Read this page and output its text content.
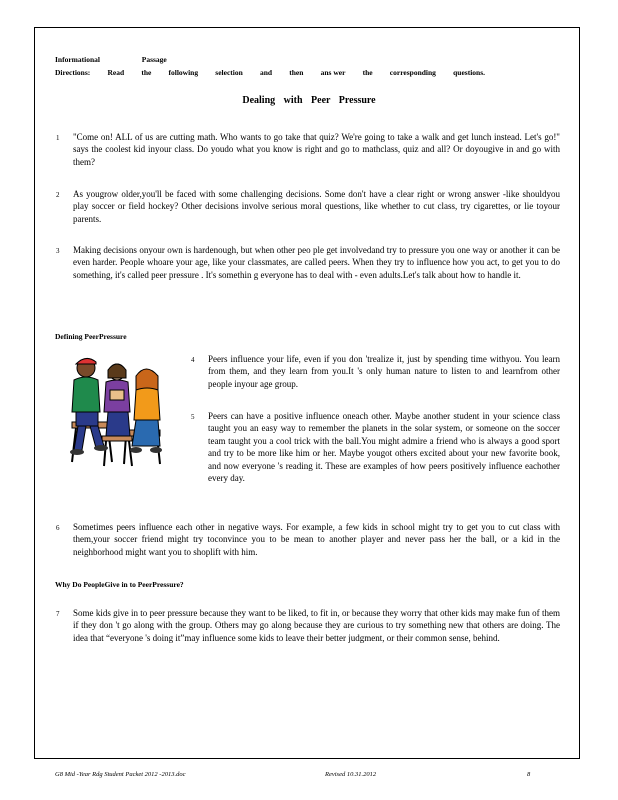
Informational	Passage
Directions: Read the following selection and then ans wer the corresponding questions.
Dealing with Peer Pressure
1 "Come on! ALL of us are cutting math. Who wants to go take that quiz? We're going to take a walk and get lunch instead. Let's go!" says the coolest kid inyour class. Do youdo what you know is right and go to mathclass, quiz and all? Or doyougive in and go with them?
2 As yougrow older,you'll be faced with some challenging decisions. Some don't have a clear right or wrong answer -like shouldyou play soccer or field hockey? Other decisions involve serious moral questions, like whether to cut class, try cigarettes, or lie toyour parents.
3 Making decisions onyour own is hardenough, but when other peo ple get involvedand try to pressure you one way or another it can be even harder. People whoare your age, like your classmates, are called peers. When they try to influence how you act, to get you to do something, it's called peer pressure . It's somethin g everyone has to deal with - even adults.Let's talk about how to handle it.
Defining PeerPressure
4 Peers influence your life, even if you don 'trealize it, just by spending time withyou. You learn from them, and they learn from you.It 's only human nature to listen to and learnfrom other people inyour age group.
5 Peers can have a positive influence oneach other. Maybe another student in your science class taught you an easy way to remember the planets in the solar system, or someone on the soccer team taught you a cool trick with the ball.You might admire a friend who is always a good sport and try to be more like him or her. Maybe yougot others excited about your new favorite book, and now everyone 's reading it. These are examples of how peers positively influence eachother every day.
6 Sometimes peers influence each other in negative ways. For example, a few kids in school might try to get you to cut class with them,your soccer friend might try toconvince you to be mean to another player and never pass her the ball, or a kid in the neighborhood might want you to shoplift with him.
Why Do PeopleGive in to PeerPressure?
7 Some kids give in to peer pressure because they want to be liked, to fit in, or because they worry that other kids may make fun of them if they don 't go along with the group. Others may go along because they are curious to try something new that others are doing. The idea that “everyone 's doing it”may influence some kids to leave their better judgment, or their common sense, behind.
G8 Mid -Year Rdg Student Packet 2012 -2013.doc	Revised 10.31.2012	8
